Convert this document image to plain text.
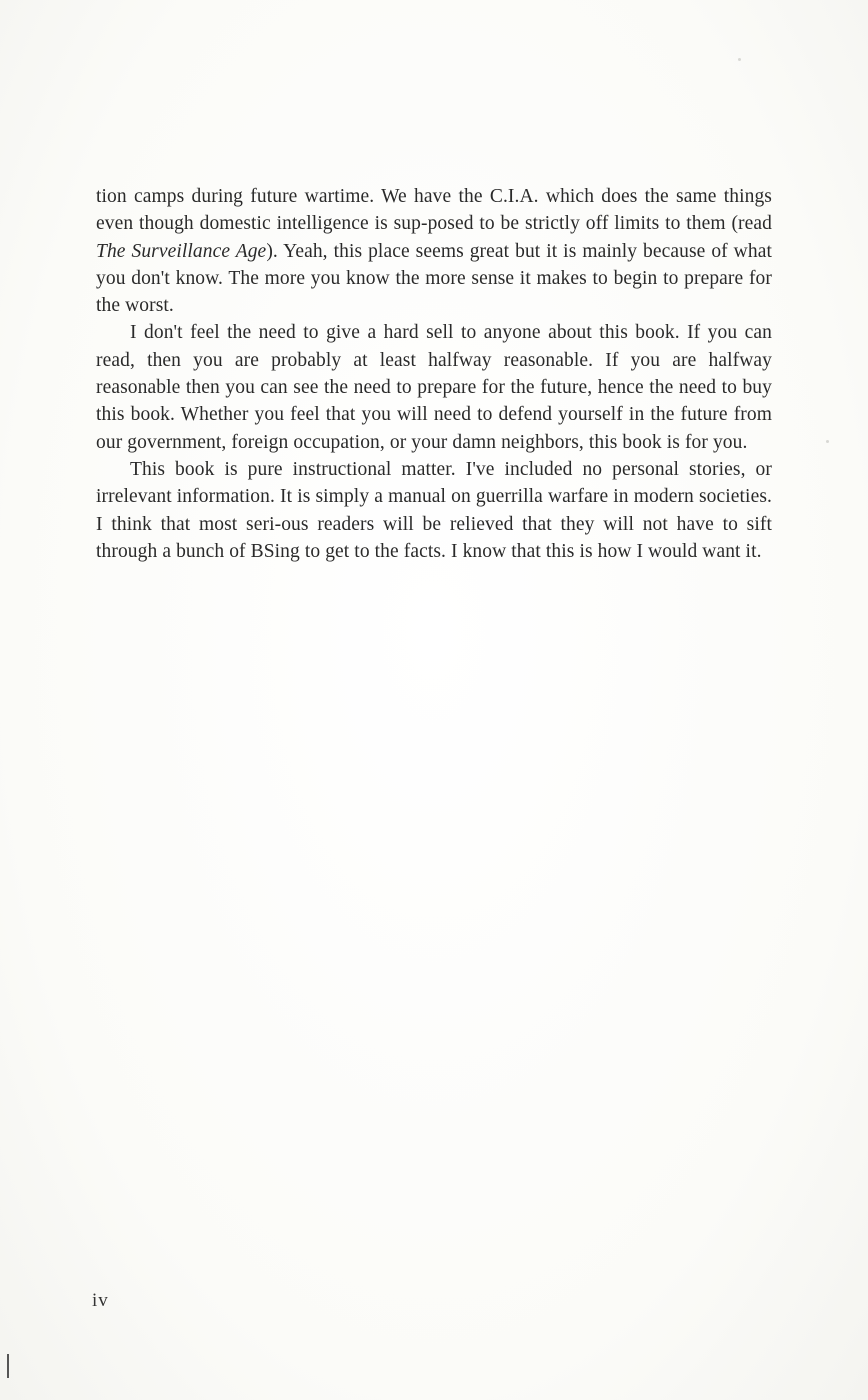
tion camps during future wartime. We have the C.I.A. which does the same things even though domestic intelligence is sup-posed to be strictly off limits to them (read The Surveillance Age). Yeah, this place seems great but it is mainly because of what you don't know. The more you know the more sense it makes to begin to prepare for the worst.

I don't feel the need to give a hard sell to anyone about this book. If you can read, then you are probably at least halfway reasonable. If you are halfway reasonable then you can see the need to prepare for the future, hence the need to buy this book. Whether you feel that you will need to defend yourself in the future from our government, foreign occupation, or your damn neighbors, this book is for you.

This book is pure instructional matter. I've included no personal stories, or irrelevant information. It is simply a manual on guerrilla warfare in modern societies. I think that most seri-ous readers will be relieved that they will not have to sift through a bunch of BSing to get to the facts. I know that this is how I would want it.

iv
